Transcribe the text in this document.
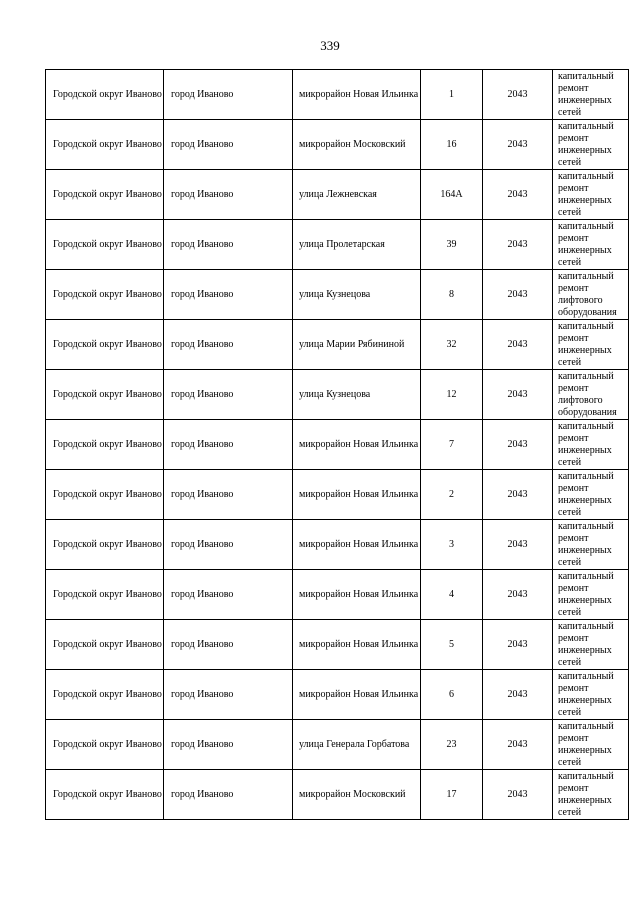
339
Городской округ Иваново	город Иваново	микрорайон Новая Ильинка	1	2043	капитальный ремонт инженерных сетей
Городской округ Иваново	город Иваново	микрорайон Московский	16	2043	капитальный ремонт инженерных сетей
Городской округ Иваново	город Иваново	улица Лежневская	164А	2043	капитальный ремонт инженерных сетей
Городской округ Иваново	город Иваново	улица Пролетарская	39	2043	капитальный ремонт инженерных сетей
Городской округ Иваново	город Иваново	улица Кузнецова	8	2043	капитальный ремонт лифтового оборудования
Городской округ Иваново	город Иваново	улица Марии Рябининой	32	2043	капитальный ремонт инженерных сетей
Городской округ Иваново	город Иваново	улица Кузнецова	12	2043	капитальный ремонт лифтового оборудования
Городской округ Иваново	город Иваново	микрорайон Новая Ильинка	7	2043	капитальный ремонт инженерных сетей
Городской округ Иваново	город Иваново	микрорайон Новая Ильинка	2	2043	капитальный ремонт инженерных сетей
Городской округ Иваново	город Иваново	микрорайон Новая Ильинка	3	2043	капитальный ремонт инженерных сетей
Городской округ Иваново	город Иваново	микрорайон Новая Ильинка	4	2043	капитальный ремонт инженерных сетей
Городской округ Иваново	город Иваново	микрорайон Новая Ильинка	5	2043	капитальный ремонт инженерных сетей
Городской округ Иваново	город Иваново	микрорайон Новая Ильинка	6	2043	капитальный ремонт инженерных сетей
Городской округ Иваново	город Иваново	улица Генерала Горбатова	23	2043	капитальный ремонт инженерных сетей
Городской округ Иваново	город Иваново	микрорайон Московский	17	2043	капитальный ремонт инженерных сетей
